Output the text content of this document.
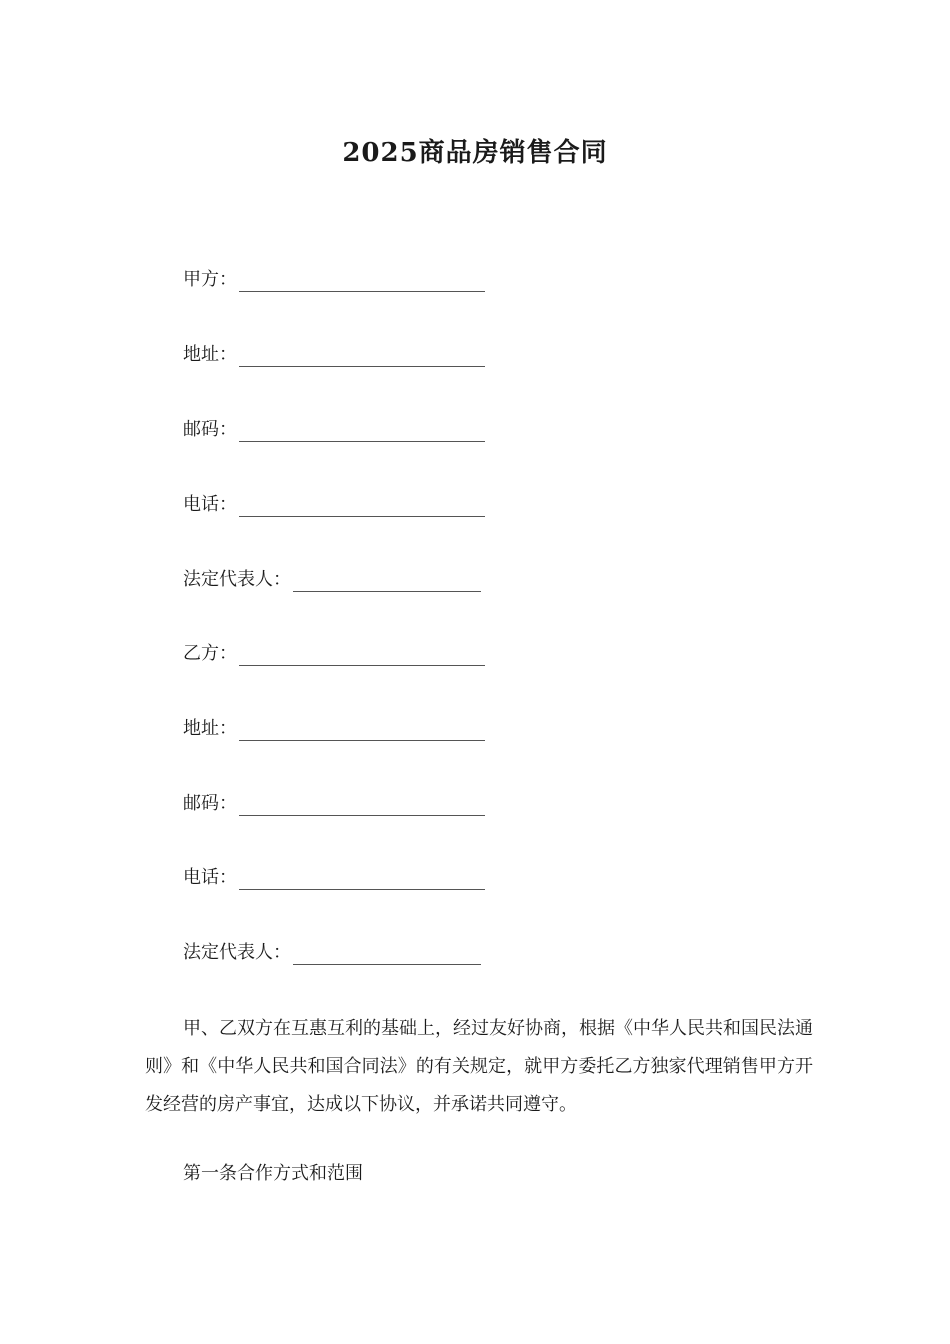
2025商品房销售合同
甲方：
地址：
邮码：
电话：
法定代表人：
乙方：
地址：
邮码：
电话：
法定代表人：
甲、乙双方在互惠互利的基础上，经过友好协商，根据《中华人民共和国民法通则》和《中华人民共和国合同法》的有关规定，就甲方委托乙方独家代理销售甲方开发经营的房产事宜，达成以下协议，并承诺共同遵守。
第一条合作方式和范围
